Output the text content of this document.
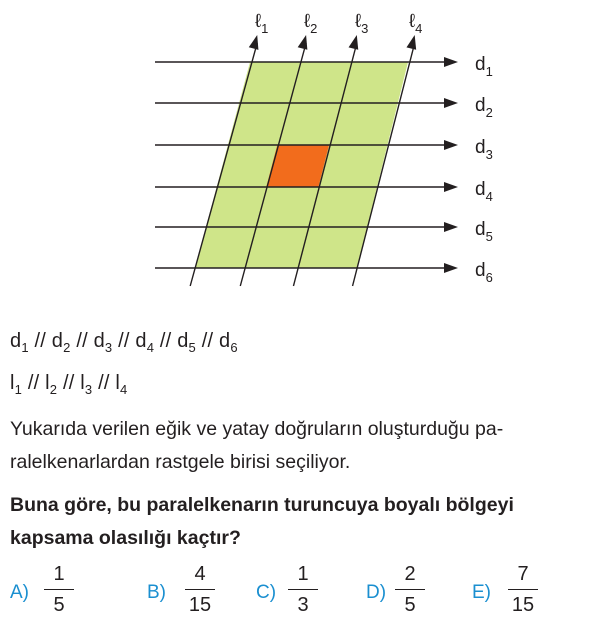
ℓ$_1$ ℓ$_2$ ℓ$_3$ ℓ$_4$
$d_1$
$d_2$
$d_3$
$d_4$
$d_5$
$d_6$
$d_1 // d_2 // d_3 // d_4 // d_5 // d_6$
$l_1 // l_2 // l_3 // l_4$
Yukarıda verilen eğik ve yatay doğruların oluşturduğu pa-
ralelkenarlardan rastgele birisi seçiliyor.
Buna göre, bu paralelkenarın turuncuya boyalı bölgeyi
kapsama olasılığı kaçtır?
A)
1
5
B)
4
15
C)
1
3
D)
2
5
E)
7
15
